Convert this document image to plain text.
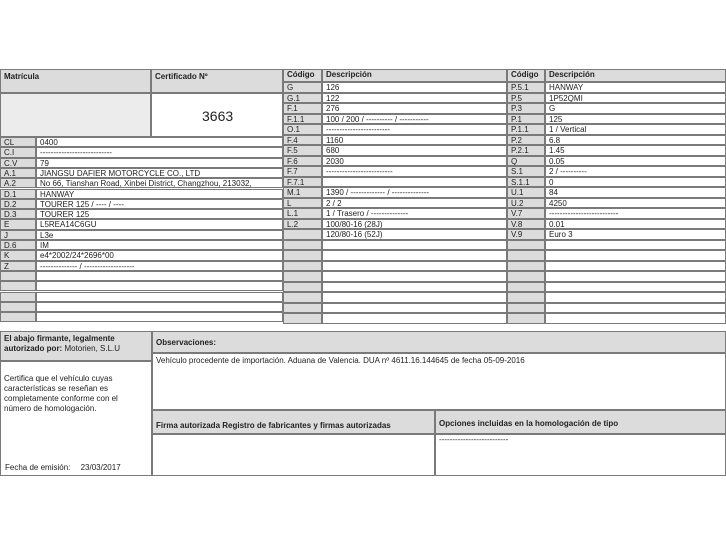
Matrícula	Certificado Nº	Código	Descripción	Código	Descripción
3663
CL	0400
C.I	---------------------------
C.V	79
A.1	JIANGSU DAFIER MOTORCYCLE CO., LTD
A.2	No 66, Tianshan Road, Xinbei District, Changzhou, 213032,
D.1	HANWAY
D.2	TOURER 125 / ---- / ----
D.3	TOURER 125
E	L5REA14C6GU
J	L3e
D.6	IM
K	e4*2002/24*2696*00
Z	-------------- / -------------------
G	126
G.1	122
F.1	276
F.1.1	100 / 200 / ---------- / -----------
O.1	------------------------
F.4	1160
F.5	680
F.6	2030
F.7	-------------------------
F.7.1
M.1	1390 / ------------- / --------------
L	2 / 2
L.1	1 / Trasero / --------------
L.2	100/80-16 (28J)
120/80-16 (52J)
P.5.1	HANWAY
P.5	1P52QMI
P.3	G
P.1	125
P.1.1	1 / Vertical
P.2	6.8
P.2.1	1.45
Q	0.05
S.1	2 / ----------
S.1.1	0
U.1	84
U.2	4250
V.7	--------------------------
V.8	0.01
V.9	Euro 3
El abajo firmante, legalmente autorizado por: Motorien, S.L.U
Certifica que el vehículo cuyas características se reseñan es completamente conforme con el número de homologación.
Fecha de emisión: 23/03/2017
Observaciones:
Vehículo procedente de importación. Aduana de Valencia. DUA nº 4611.16.144645 de fecha 05-09-2016
Firma autorizada Registro de fabricantes y firmas autorizadas	Opciones incluidas en la homologación de tipo
--------------------------
